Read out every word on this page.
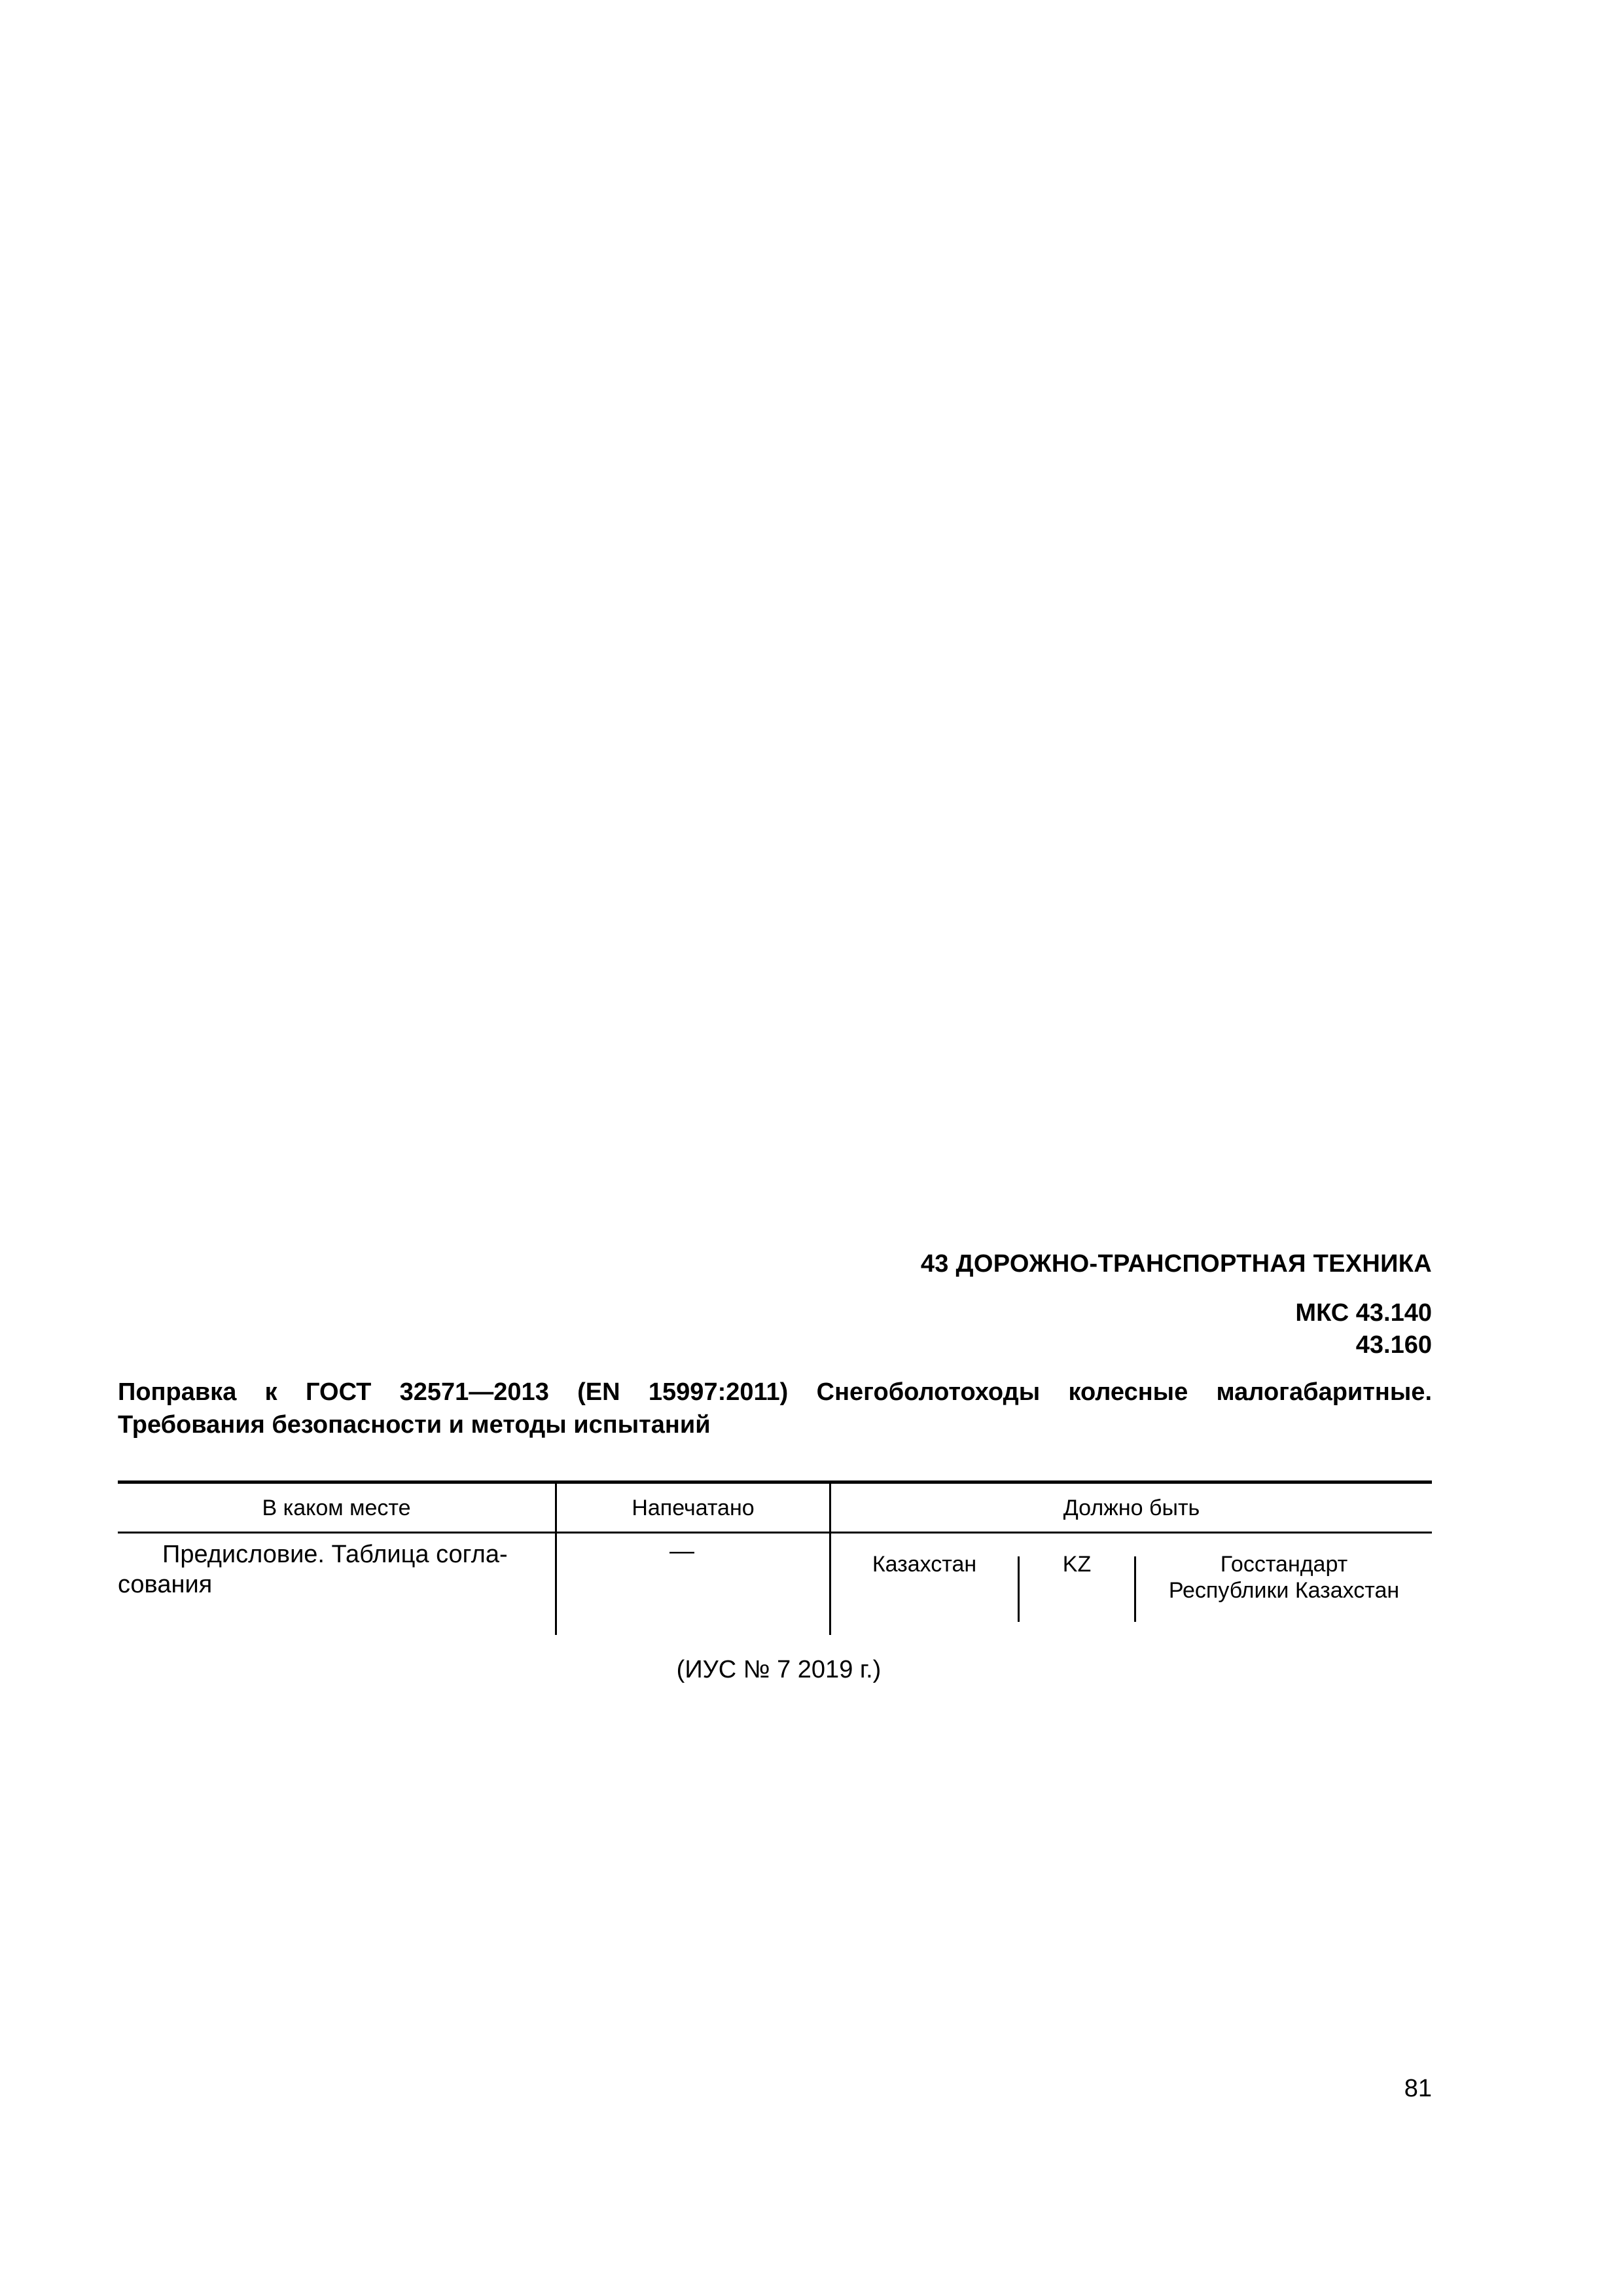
43 ДОРОЖНО-ТРАНСПОРТНАЯ ТЕХНИКА
МКС 43.140
43.160
Поправка к ГОСТ 32571—2013 (EN 15997:2011) Снегоболотоходы колесные малогабаритные.
Требования безопасности и методы испытаний
В каком месте	Напечатано	Должно быть
Предисловие. Таблица согла-
сования
—	Казахстан	KZ	Госстандарт
Республики Казахстан
(ИУС № 7 2019 г.)
81
